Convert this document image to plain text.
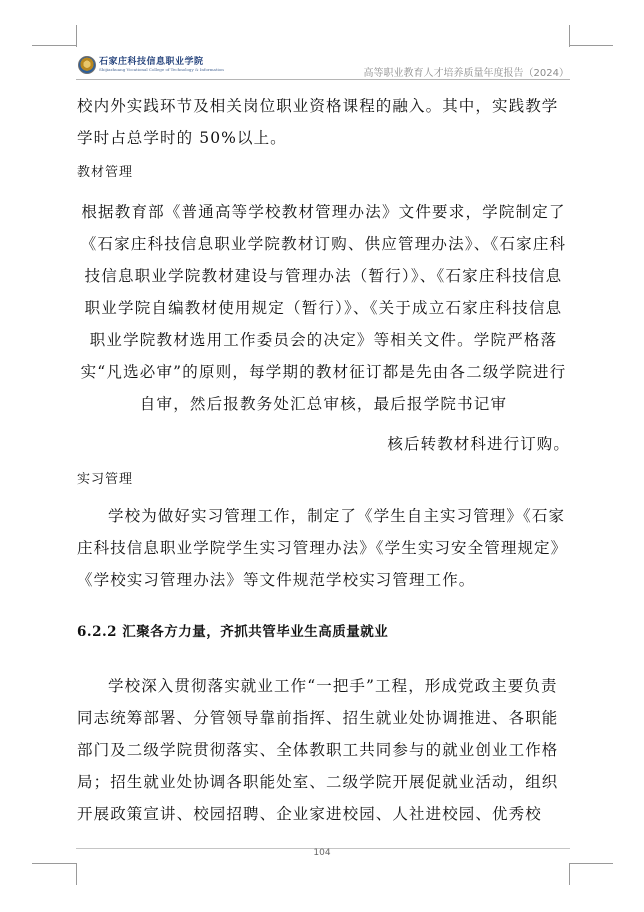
石家庄科技信息职业学院
Shijiazhuang Vocational College of Technology & Information	高等职业教育人才培养质量年度报告（2024）

校内外实践环节及相关岗位职业资格课程的融入。其中，实践教学学时占总学时的 50%以上。

教材管理

根据教育部《普通高等学校教材管理办法》文件要求，学院制定了《石家庄科技信息职业学院教材订购、供应管理办法》、《石家庄科技信息职业学院教材建设与管理办法（暂行）》、《石家庄科技信息职业学院自编教材使用规定（暂行）》、《关于成立石家庄科技信息职业学院教材选用工作委员会的决定》等相关文件。学院严格落实“凡选必审”的原则，每学期的教材征订都是先由各二级学院进行自审，然后报教务处汇总审核，最后报学院书记审

核后转教材科进行订购。

实习管理

学校为做好实习管理工作，制定了《学生自主实习管理》《石家庄科技信息职业学院学生实习管理办法》《学生实习安全管理规定》《学校实习管理办法》等文件规范学校实习管理工作。

6.2.2 汇聚各方力量，齐抓共管毕业生高质量就业

学校深入贯彻落实就业工作“一把手”工程，形成党政主要负责同志统筹部署、分管领导靠前指挥、招生就业处协调推进、各职能部门及二级学院贯彻落实、全体教职工共同参与的就业创业工作格局；招生就业处协调各职能处室、二级学院开展促就业活动，组织开展政策宣讲、校园招聘、企业家进校园、人社进校园、优秀校

104
